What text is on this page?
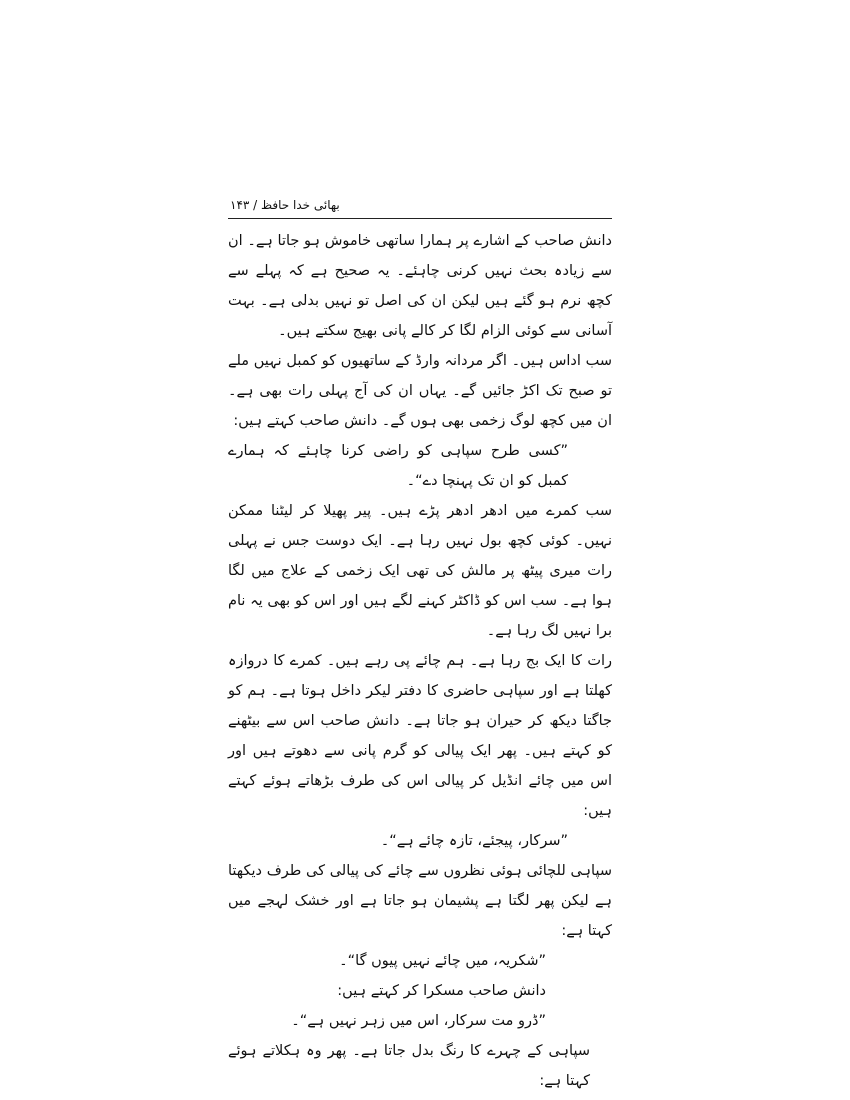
بھائی خدا حافظ / ۱۴۳

دانش صاحب کے اشارے پر ہمارا ساتھی خاموش ہو جاتا ہے۔ ان سے زیادہ بحث نہیں کرنی چاہئے۔ یہ صحیح ہے کہ پہلے سے کچھ نرم ہو گئے ہیں لیکن ان کی اصل تو نہیں بدلی ہے۔ بہت آسانی سے کوئی الزام لگا کر کالے پانی بھیج سکتے ہیں۔

سب اداس ہیں۔ اگر مردانہ وارڈ کے ساتھیوں کو کمبل نہیں ملے تو صبح تک اکڑ جائیں گے۔ یہاں ان کی آج پہلی رات بھی ہے۔ ان میں کچھ لوگ زخمی بھی ہوں گے۔ دانش صاحب کہتے ہیں:

”کسی طرح سپاہی کو راضی کرنا چاہئے کہ ہمارے کمبل کو ان تک پہنچا دے“۔

سب کمرے میں ادھر ادھر پڑے ہیں۔ پیر پھیلا کر لیٹنا ممکن نہیں۔ کوئی کچھ بول نہیں رہا ہے۔ ایک دوست جس نے پہلی رات میری پیٹھ پر مالش کی تھی ایک زخمی کے علاج میں لگا ہوا ہے۔ سب اس کو ڈاکٹر کہنے لگے ہیں اور اس کو بھی یہ نام برا نہیں لگ رہا ہے۔

رات کا ایک بج رہا ہے۔ ہم چائے پی رہے ہیں۔ کمرے کا دروازہ کھلتا ہے اور سپاہی حاضری کا دفتر لیکر داخل ہوتا ہے۔ ہم کو جاگتا دیکھ کر حیران ہو جاتا ہے۔ دانش صاحب اس سے بیٹھنے کو کہتے ہیں۔ پھر ایک پیالی کو گرم پانی سے دھوتے ہیں اور اس میں چائے انڈیل کر پیالی اس کی طرف بڑھاتے ہوئے کہتے ہیں:

”سرکار، پیجئے، تازہ چائے ہے“۔

سپاہی للچائی ہوئی نظروں سے چائے کی پیالی کی طرف دیکھتا ہے لیکن پھر لگتا ہے پشیمان ہو جاتا ہے اور خشک لہجے میں کہتا ہے:

”شکریہ، میں چائے نہیں پیوں گا“۔

دانش صاحب مسکرا کر کہتے ہیں:

”ڈرو مت سرکار، اس میں زہر نہیں ہے“۔

سپاہی کے چہرے کا رنگ بدل جاتا ہے۔ پھر وہ ہکلاتے ہوئے کہتا ہے:
